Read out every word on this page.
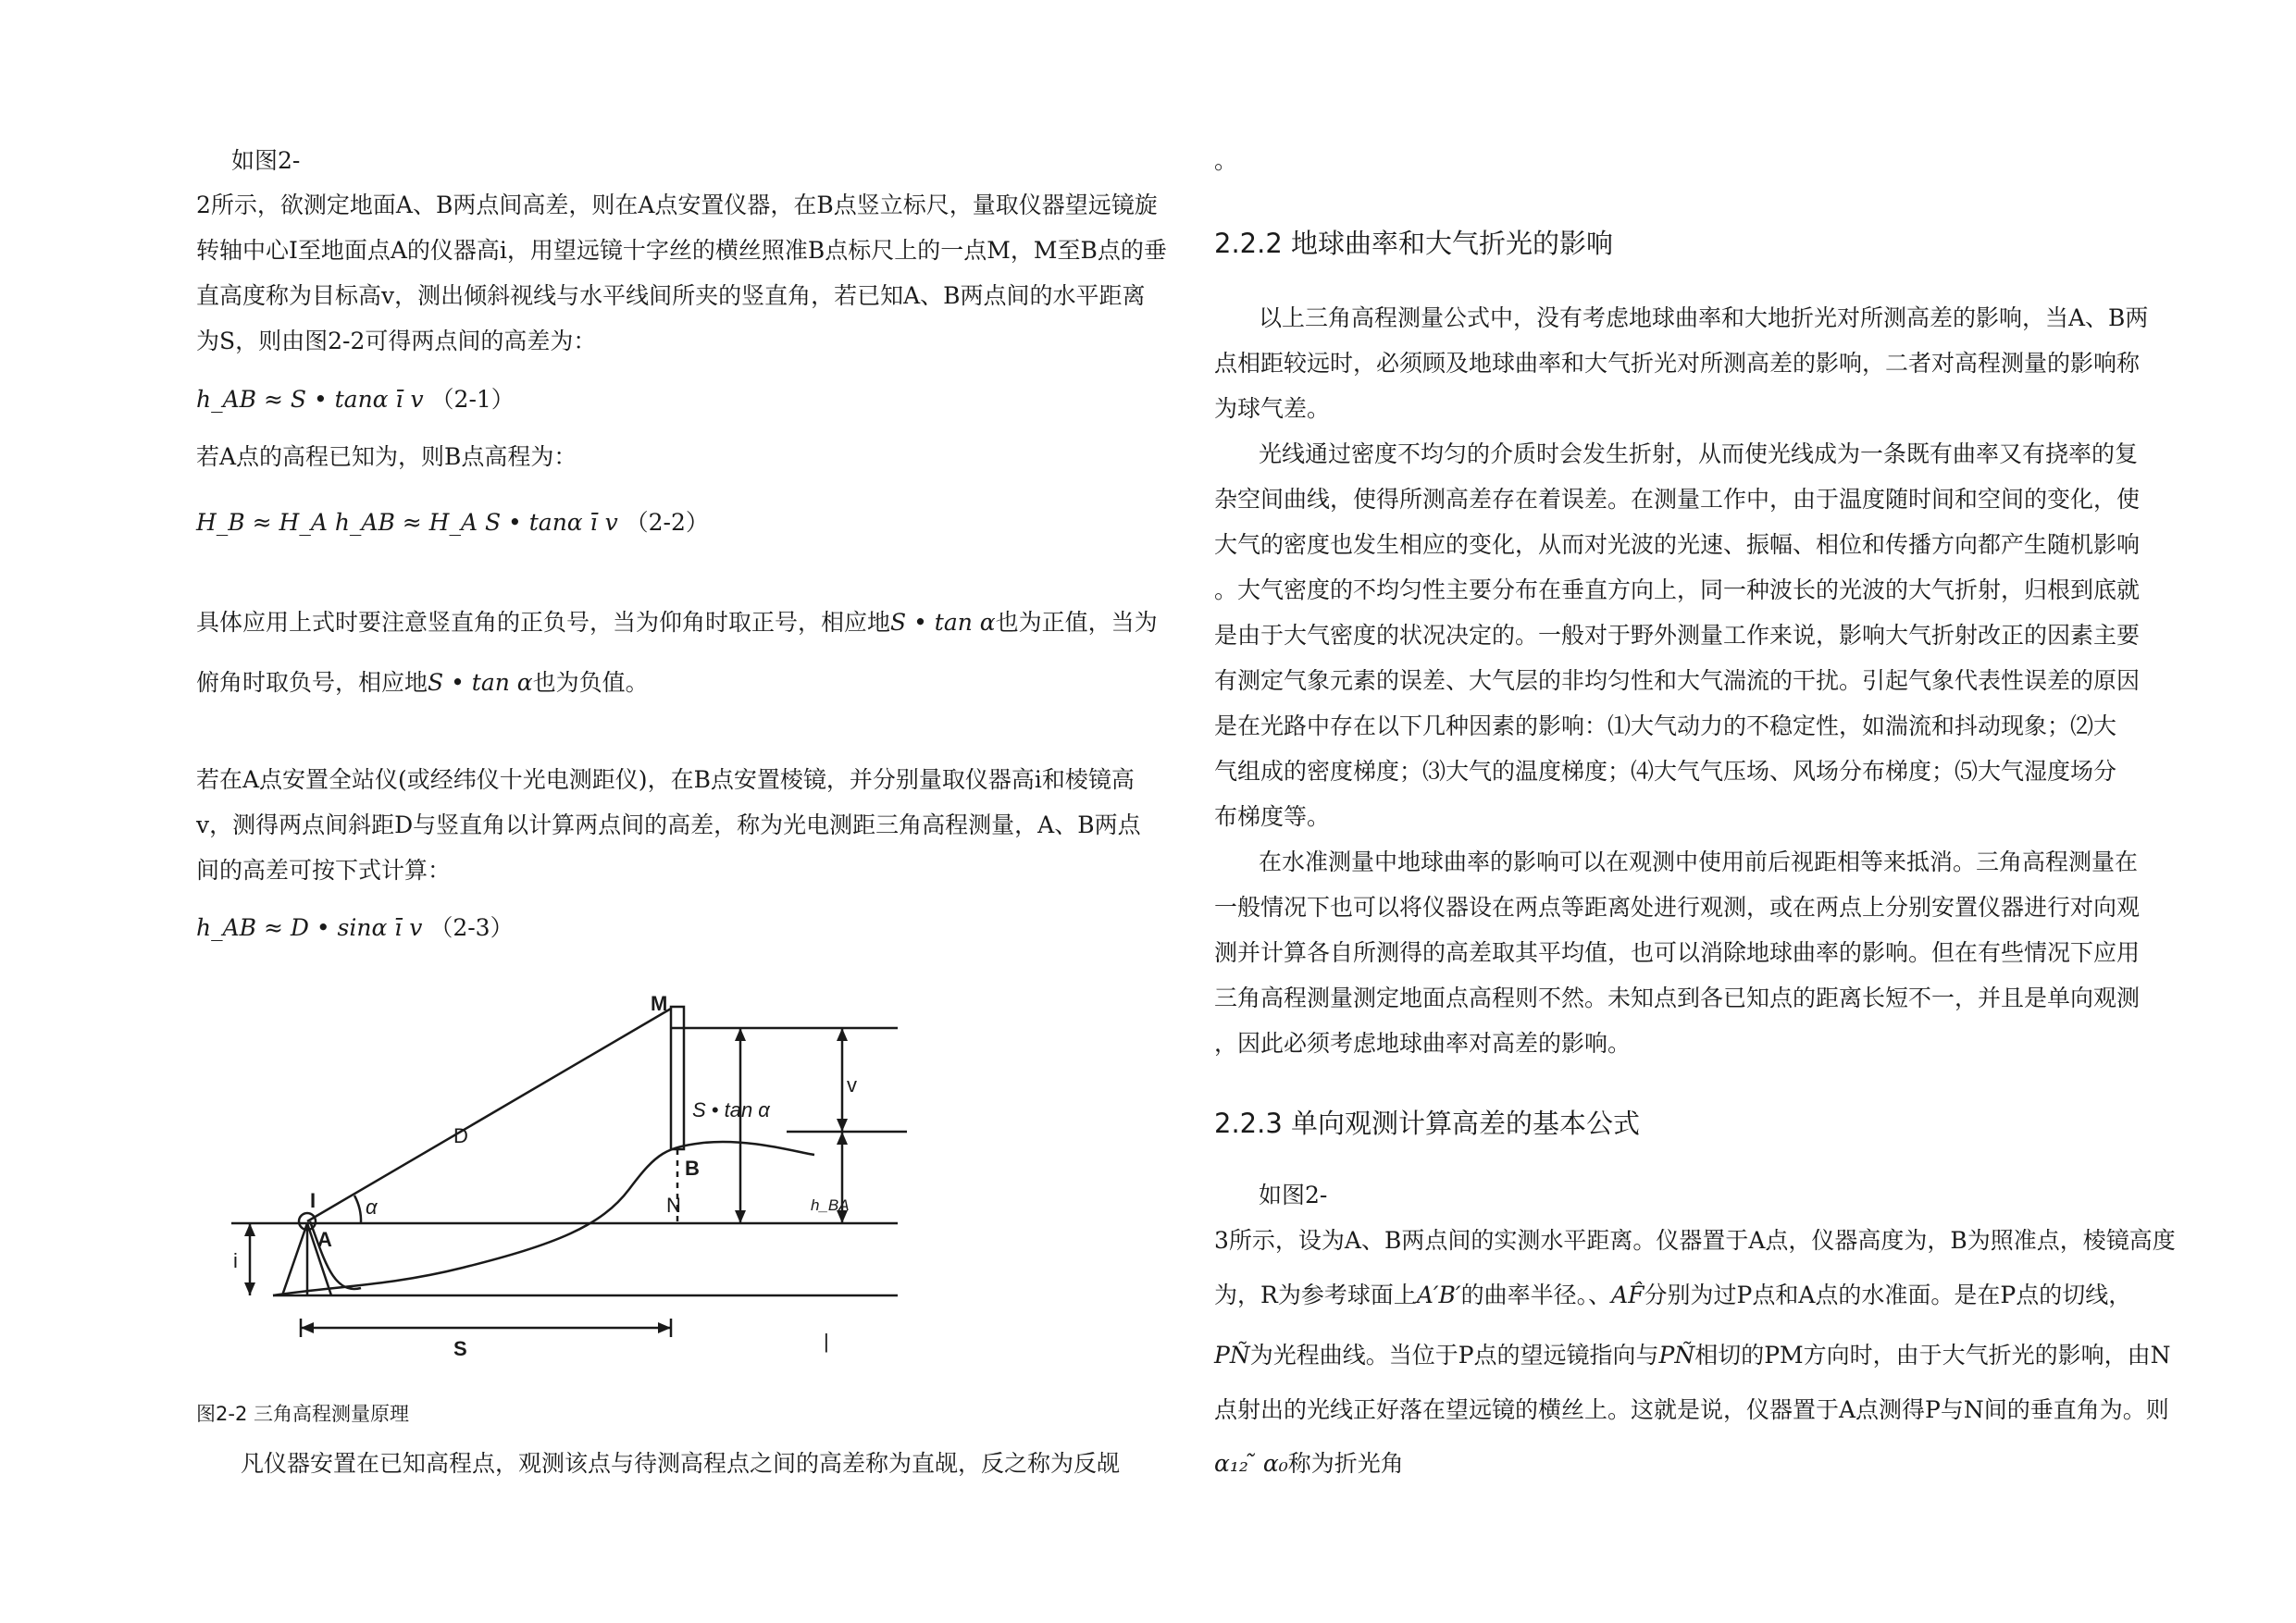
如图2-
2所示，欲测定地面A、B两点间高差，则在A点安置仪器，在B点竖立标尺，量取仪器望远镜旋
转轴中心I至地面点A的仪器高i，用望远镜十字丝的横丝照准B点标尺上的一点M，M至B点的垂
直高度称为目标高v，测出倾斜视线与水平线间所夹的竖直角，若已知A、B两点间的水平距离
为S，则由图2-2可得两点间的高差为：
h_AB ≈ S • tanα ī v （2-1）
若A点的高程已知为，则B点高程为：
H_B ≈ H_A h_AB ≈ H_A S • tanα ī v （2-2）
具体应用上式时要注意竖直角的正负号，当为仰角时取正号，相应地S • tan α也为正值，当为
俯角时取负号，相应地S • tan α也为负值。
若在A点安置全站仪(或经纬仪十光电测距仪)，在B点安置棱镜，并分别量取仪器高i和棱镜高
v，测得两点间斜距D与竖直角以计算两点间的高差，称为光电测距三角高程测量，A、B两点
间的高差可按下式计算：
h_AB ≈ D • sinα ī v （2-3）
M
D
S • tan α
v
B
N	h_BA
I α
A
i
S	|
图2-2 三角高程测量原理
凡仪器安置在已知高程点，观测该点与待测高程点之间的高差称为直觇，反之称为反觇
。
2.2.2 地球曲率和大气折光的影响
以上三角高程测量公式中，没有考虑地球曲率和大地折光对所测高差的影响，当A、B两
点相距较远时，必须顾及地球曲率和大气折光对所测高差的影响，二者对高程测量的影响称
为球气差。
光线通过密度不均匀的介质时会发生折射，从而使光线成为一条既有曲率又有挠率的复
杂空间曲线，使得所测高差存在着误差。在测量工作中，由于温度随时间和空间的变化，使
大气的密度也发生相应的变化，从而对光波的光速、振幅、相位和传播方向都产生随机影响
。大气密度的不均匀性主要分布在垂直方向上，同一种波长的光波的大气折射，归根到底就
是由于大气密度的状况决定的。一般对于野外测量工作来说，影响大气折射改正的因素主要
有测定气象元素的误差、大气层的非均匀性和大气湍流的干扰。引起气象代表性误差的原因
是在光路中存在以下几种因素的影响：⑴大气动力的不稳定性，如湍流和抖动现象；⑵大
气组成的密度梯度；⑶大气的温度梯度；⑷大气气压场、风场分布梯度；⑸大气湿度场分
布梯度等。
在水准测量中地球曲率的影响可以在观测中使用前后视距相等来抵消。三角高程测量在
一般情况下也可以将仪器设在两点等距离处进行观测，或在两点上分别安置仪器进行对向观
测并计算各自所测得的高差取其平均值，也可以消除地球曲率的影响。但在有些情况下应用
三角高程测量测定地面点高程则不然。未知点到各已知点的距离长短不一，并且是单向观测
，因此必须考虑地球曲率对高差的影响。
2.2.3 单向观测计算高差的基本公式
如图2-
3所示，设为A、B两点间的实测水平距离。仪器置于A点，仪器高度为，B为照准点，棱镜高度
为，R为参考球面上A′B′的曲率半径。、AF̂分别为过P点和A点的水准面。是在P点的切线，
PÑ为光程曲线。当位于P点的望远镜指向与PÑ相切的PM方向时，由于大气折光的影响，由N
点射出的光线正好落在望远镜的横丝上。这就是说，仪器置于A点测得P与N间的垂直角为。则
α₁₂ ̃ α₀称为折光角
